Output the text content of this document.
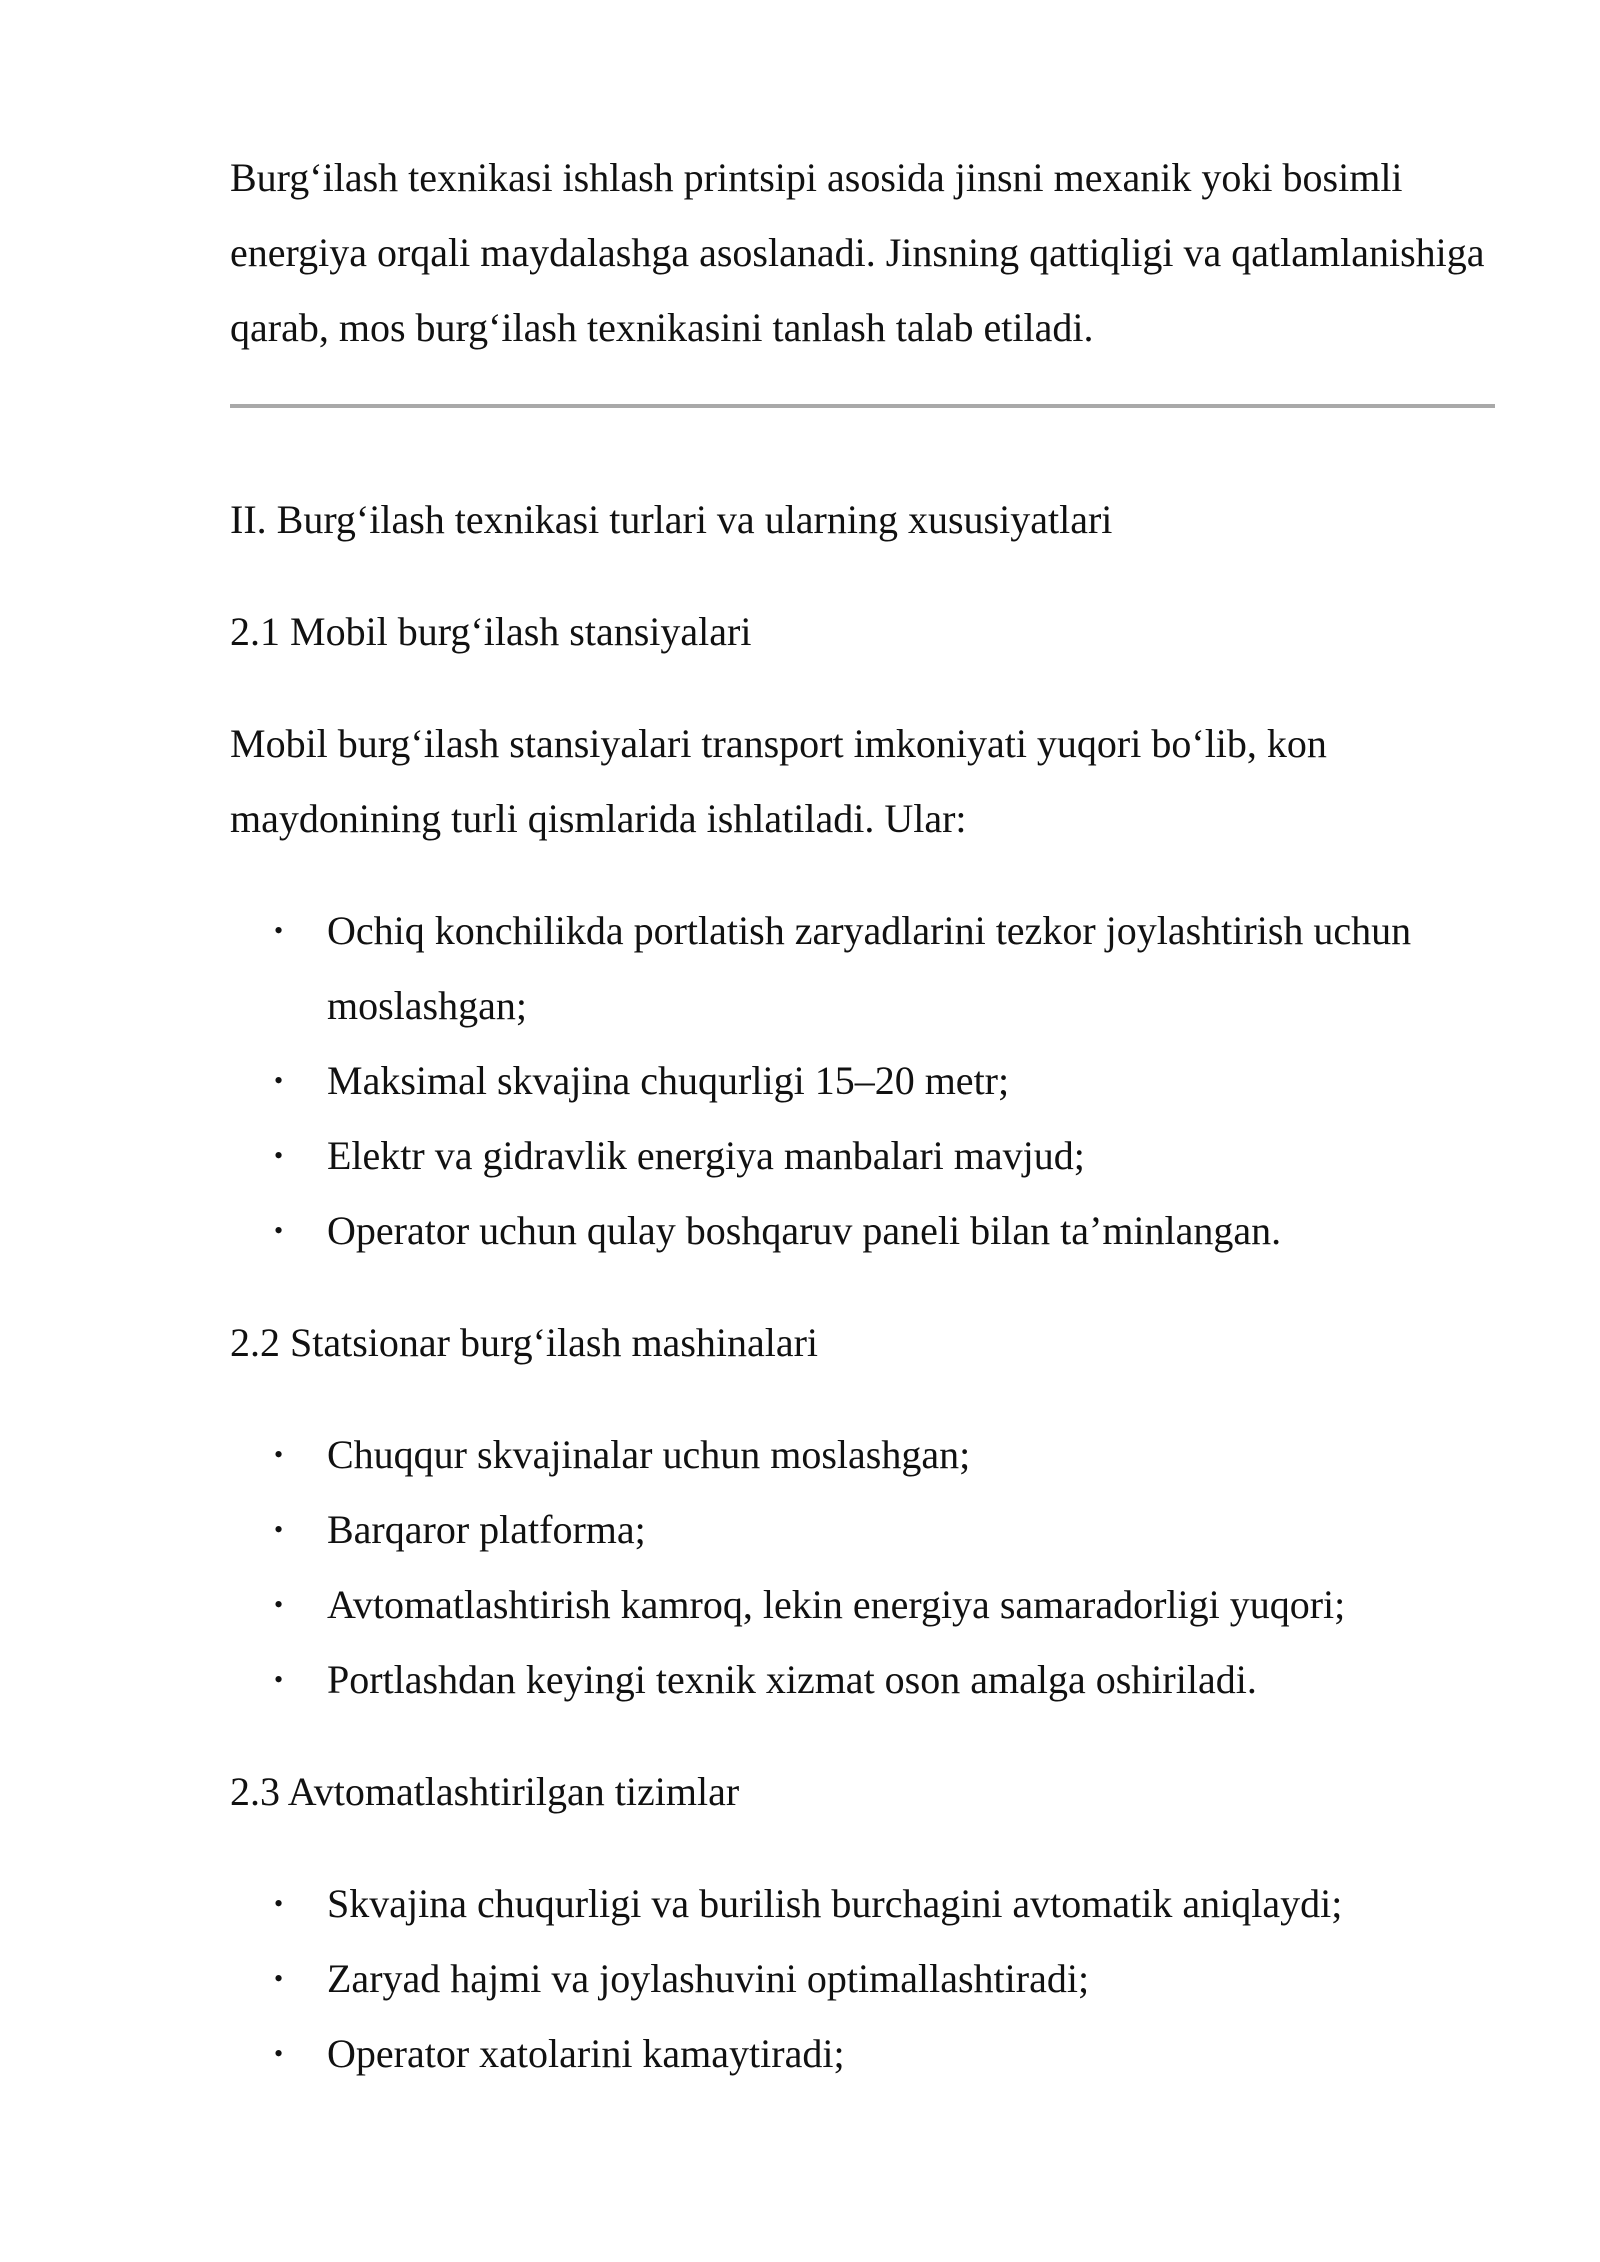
Burg‘ilash texnikasi ishlash printsipi asosida jinsni mexanik yoki bosimli energiya orqali maydalashga asoslanadi. Jinsning qattiqligi va qatlamlanishiga qarab, mos burg‘ilash texnikasini tanlash talab etiladi.

II. Burg‘ilash texnikasi turlari va ularning xususiyatlari

2.1 Mobil burg‘ilash stansiyalari

Mobil burg‘ilash stansiyalari transport imkoniyati yuqori bo‘lib, kon maydonining turli qismlarida ishlatiladi. Ular:

• Ochiq konchilikda portlatish zaryadlarini tezkor joylashtirish uchun moslashgan;
• Maksimal skvajina chuqurligi 15–20 metr;
• Elektr va gidravlik energiya manbalari mavjud;
• Operator uchun qulay boshqaruv paneli bilan ta’minlangan.

2.2 Statsionar burg‘ilash mashinalari

• Chuqqur skvajinalar uchun moslashgan;
• Barqaror platforma;
• Avtomatlashtirish kamroq, lekin energiya samaradorligi yuqori;
• Portlashdan keyingi texnik xizmat oson amalga oshiriladi.

2.3 Avtomatlashtirilgan tizimlar

• Skvajina chuqurligi va burilish burchagini avtomatik aniqlaydi;
• Zaryad hajmi va joylashuvini optimallashtiradi;
• Operator xatolarini kamaytiradi;
